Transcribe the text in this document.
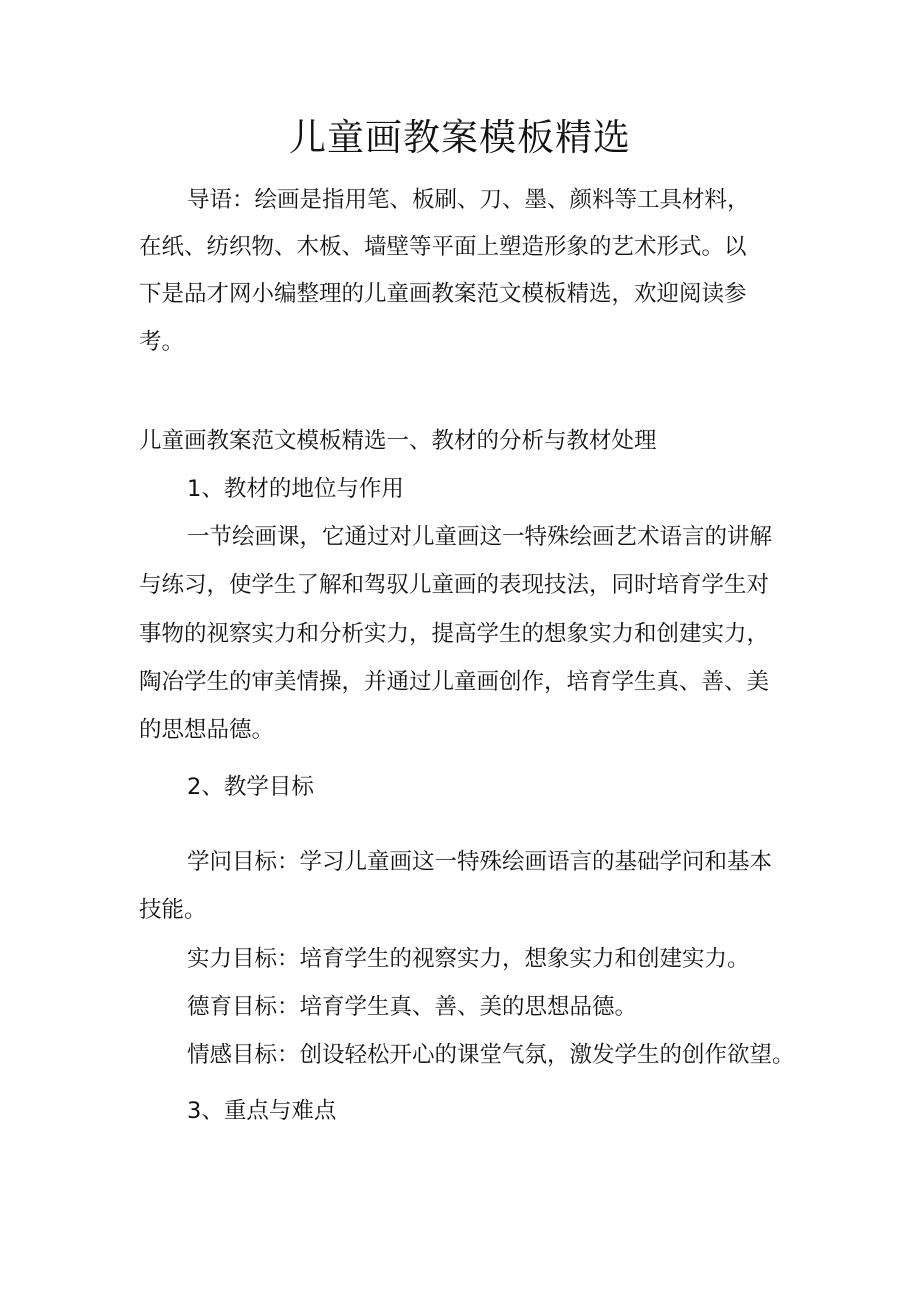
儿童画教案模板精选

导语：绘画是指用笔、板刷、刀、墨、颜料等工具材料，

在纸、纺织物、木板、墙壁等平面上塑造形象的艺术形式。以

下是品才网小编整理的儿童画教案范文模板精选，欢迎阅读参

考。

儿童画教案范文模板精选一、教材的分析与教材处理

1、教材的地位与作用

一节绘画课，它通过对儿童画这一特殊绘画艺术语言的讲解

与练习，使学生了解和驾驭儿童画的表现技法，同时培育学生对

事物的视察实力和分析实力，提高学生的想象实力和创建实力，

陶冶学生的审美情操，并通过儿童画创作，培育学生真、善、美

的思想品德。

2、教学目标

学问目标：学习儿童画这一特殊绘画语言的基础学问和基本

技能。

实力目标：培育学生的视察实力，想象实力和创建实力。

德育目标：培育学生真、善、美的思想品德。

情感目标：创设轻松开心的课堂气氛，激发学生的创作欲望。

3、重点与难点
